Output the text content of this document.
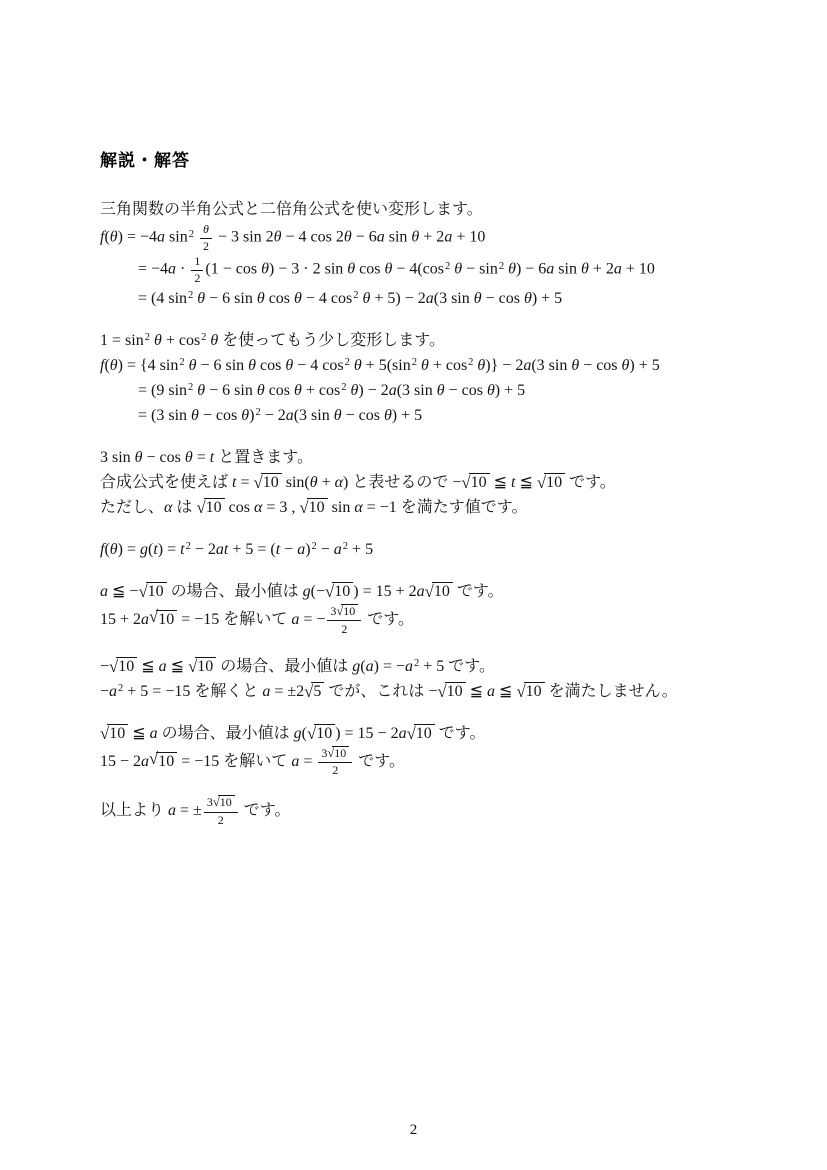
解説・解答
三角関数の半角公式と二倍角公式を使い変形します。
f(θ) = −4a $\sin^2 \frac{\theta}{2} - 3$ sin 2θ − 4 cos 2θ − 6a sin θ + 2a + 10
= $-4a \cdot \frac{1}{2} (1 - \cos \theta) - 3 \cdot 2$ sin θ $\cos \theta - 4(\cos^2$ $\theta - \sin^2 \theta) - 6a$ sin θ + 2a + 10
= (4 $\sin^2 \theta - 6$ sin θ cos θ − 4 $\cos^2 \theta + 5) - 2a(3$ sin θ − cos θ) + 5
$1 = \sin^2 \theta + \cos^2 \theta$ を使ってもう少し変形します。
f(θ) = {4 $\sin^2 \theta - 6$ sin θ cos θ − 4 $\cos^2 \theta + 5(\sin^2$ $\theta + \cos^2 \theta)\} - 2a(3$ sin θ − cos θ) + 5
= (9 $\sin^2 \theta - 6$ sin θ $\cos \theta + \cos^2 \theta) - 2a(3$ sin θ − cos θ) + 5
= (3 sin θ − cos θ)$^2$ − 2a(3 sin θ − cos θ) + 5
3 sin θ − cos θ = t と置きます。
合成公式を使えば t = √10 sin(θ + α) と表せるので −√10 ≦ t ≦ √10 です。
ただし、α は √10 cos α = 3 , √10 sin α = −1 を満たす値です。
$f(\theta) = g(t) = t^2 - 2at + 5 = (t - a)^2 - a^2 + 5$
a ≦ −√10 の場合、最小値は g(−√10 ) = 15 + 2a√10 です。
15 + 2a√10 = −15 を解いて a = − $\frac{3√10}{2}$ です。
−√10 ≦ a ≦ √10 の場合、最小値は $g(a) = -a^2 + 5$ です。
$-a^2 + 5 = -15$ を解くと a = ±2√5 でが、これは −√10 ≦ a ≦ √10 を満たしません。
√10 ≦ a の場合、最小値は g(√10 ) = 15 − 2a√10 です。
15 − 2a√10 = −15 を解いて $a = \frac{3√10}{2}$ です。
以上より a = ± $\frac{3√10}{2}$ です。
2
